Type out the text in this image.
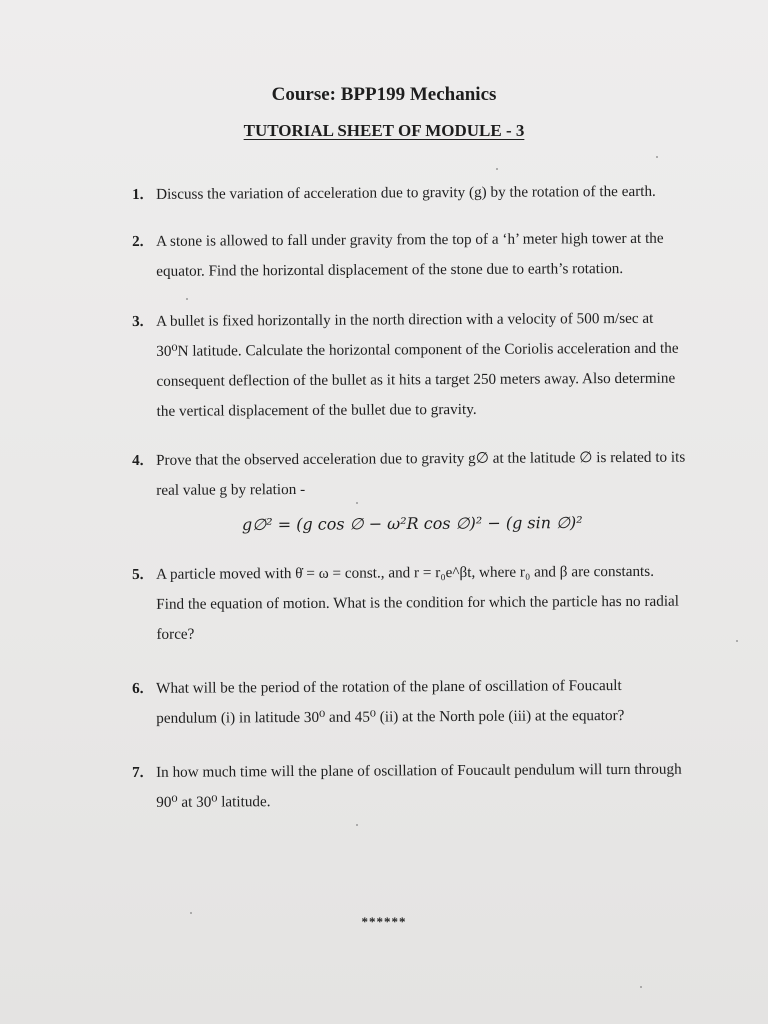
Course: BPP199 Mechanics
TUTORIAL SHEET OF MODULE - 3
1. Discuss the variation of acceleration due to gravity (g) by the rotation of the earth.

2. A stone is allowed to fall under gravity from the top of a ‘h’ meter high tower at the

equator. Find the horizontal displacement of the stone due to earth’s rotation.

3. A bullet is fixed horizontally in the north direction with a velocity of 500 m/sec at

30⁰N latitude. Calculate the horizontal component of the Coriolis acceleration and the

consequent deflection of the bullet as it hits a target 250 meters away. Also determine

the vertical displacement of the bullet due to gravity.

4. Prove that the observed acceleration due to gravity g∅ at the latitude ∅ is related to its

real value g by relation -

g∅² = (g cos ∅ − ω²R cos ∅)² − (g sin ∅)²
5. A particle moved with θ̇ = ω = const., and r = r₀e^βt, where r₀ and β are constants.

Find the equation of motion. What is the condition for which the particle has no radial

force?

6. What will be the period of the rotation of the plane of oscillation of Foucault

pendulum (i) in latitude 30⁰ and 45⁰ (ii) at the North pole (iii) at the equator?

7. In how much time will the plane of oscillation of Foucault pendulum will turn through

90⁰ at 30⁰ latitude.

******
